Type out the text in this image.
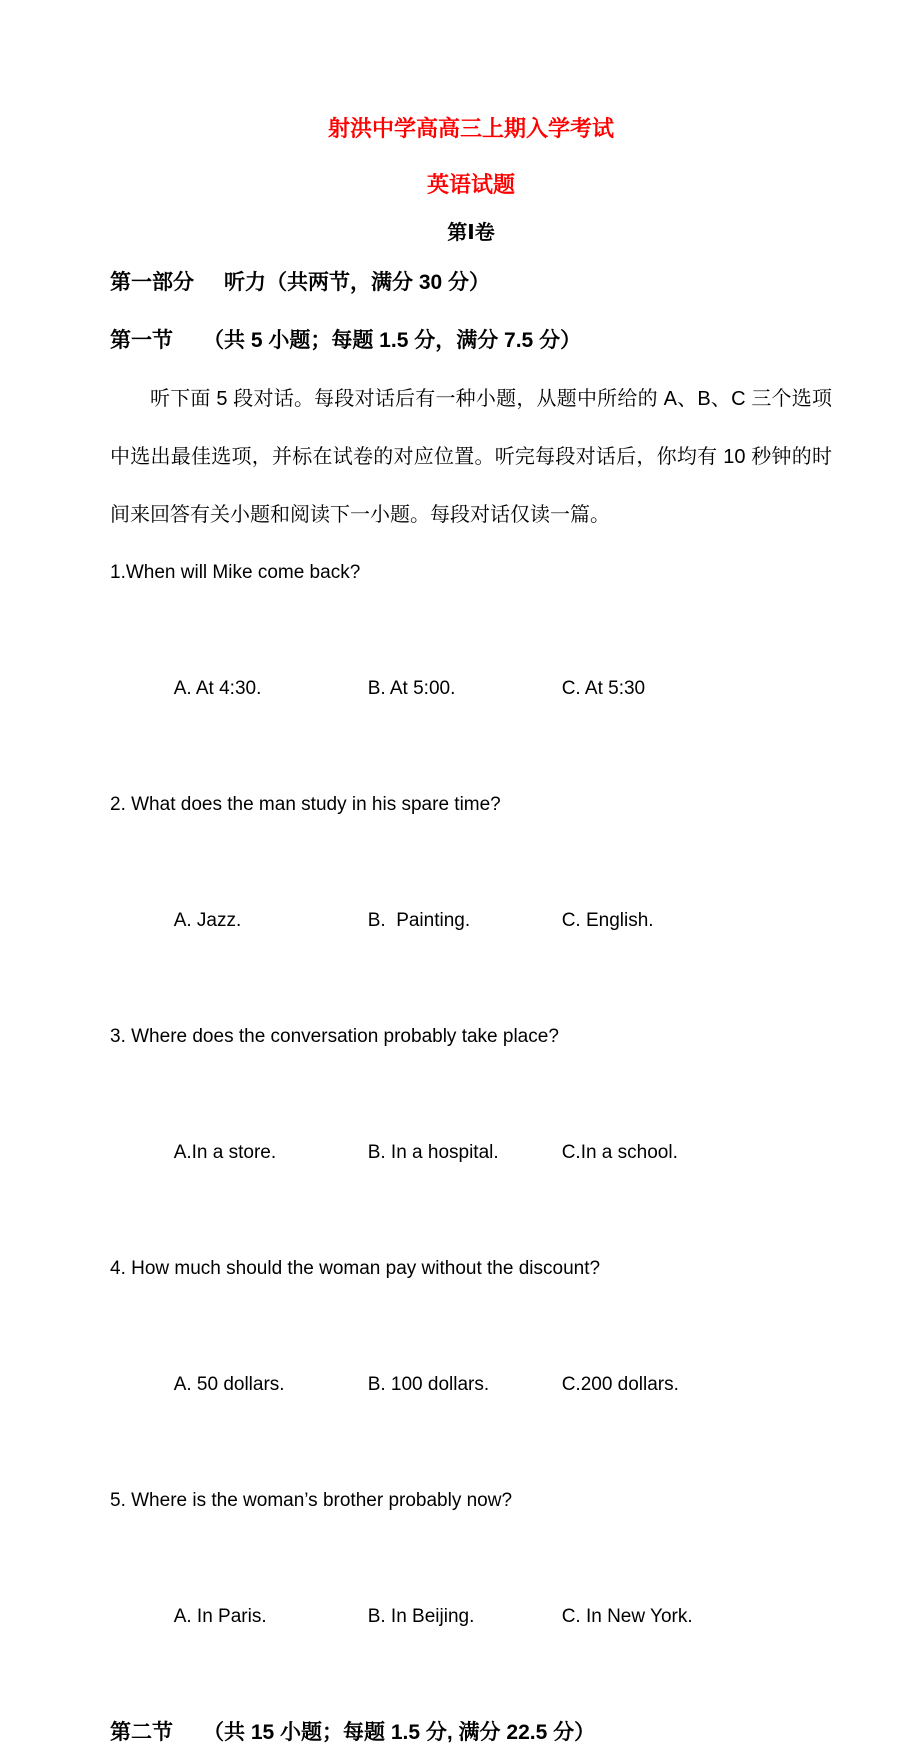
射洪中学高高三上期入学考试
英语试题
第Ⅰ卷
第一部分 听力（共两节，满分 30 分）
第一节 （共 5 小题；每题 1.5 分，满分 7.5 分）

听下面 5 段对话。每段对话后有一种小题，从题中所给的 A、B、C 三个选项中选出最佳选项，并标在试卷的对应位置。听完每段对话后，你均有 10 秒钟的时间来回答有关小题和阅读下一小题。每段对话仅读一篇。

1.When will Mike come back?

A. At 4:30.	B. At 5:00.	C. At 5:30

2. What does the man study in his spare time?

A. Jazz.	B.  Painting.	C. English.

3. Where does the conversation probably take place?

A.In a store.	B. In a hospital.	C.In a school.

4. How much should the woman pay without the discount?

A. 50 dollars.	B. 100 dollars.	C.200 dollars.

5. Where is the woman’s brother probably now?

A. In Paris.	B. In Beijing.	C. In New York.

第二节 （共 15 小题；每题 1.5 分, 满分 22.5 分）
